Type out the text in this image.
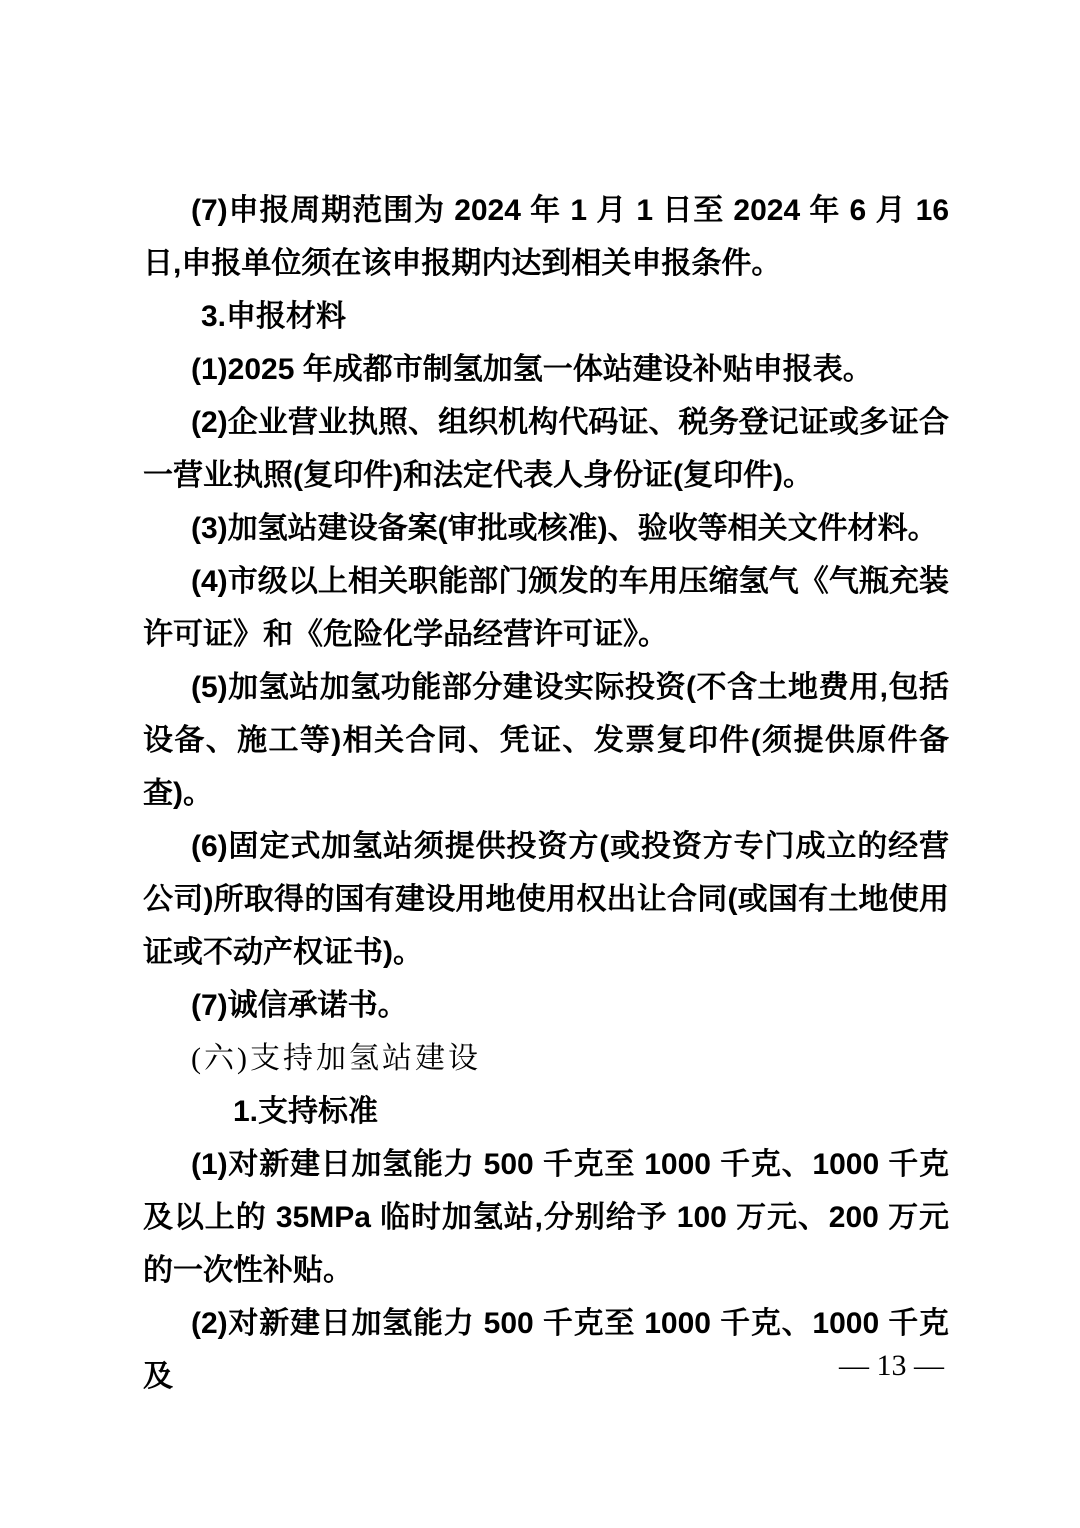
(7)申报周期范围为 2024 年 1 月 1 日至 2024 年 6 月 16 日,申报单位须在该申报期内达到相关申报条件。

3.申报材料

(1)2025 年成都市制氢加氢一体站建设补贴申报表。

(2)企业营业执照、组织机构代码证、税务登记证或多证合一营业执照(复印件)和法定代表人身份证(复印件)。

(3)加氢站建设备案(审批或核准)、验收等相关文件材料。

(4)市级以上相关职能部门颁发的车用压缩氢气《气瓶充装许可证》和《危险化学品经营许可证》。

(5)加氢站加氢功能部分建设实际投资(不含土地费用,包括设备、施工等)相关合同、凭证、发票复印件(须提供原件备查)。

(6)固定式加氢站须提供投资方(或投资方专门成立的经营公司)所取得的国有建设用地使用权出让合同(或国有土地使用证或不动产权证书)。

(7)诚信承诺书。

(六)支持加氢站建设

1.支持标准

(1)对新建日加氢能力 500 千克至 1000 千克、1000 千克及以上的 35MPa 临时加氢站,分别给予 100 万元、200 万元的一次性补贴。

(2)对新建日加氢能力 500 千克至 1000 千克、1000 千克及	— 13 —
